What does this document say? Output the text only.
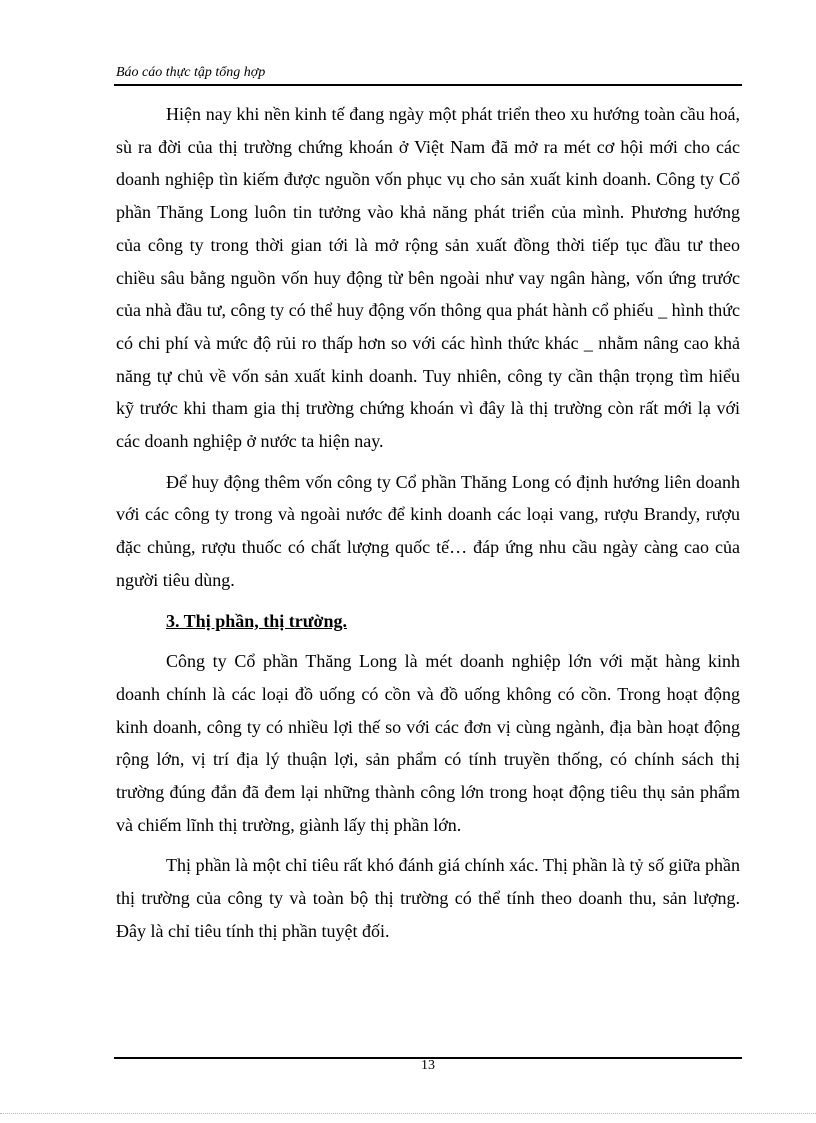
Báo cáo thực tập tổng hợp

Hiện nay khi nền kinh tế đang ngày một phát triển theo xu hướng toàn cầu hoá, sù ra đời của thị trường chứng khoán ở Việt Nam đã mở ra mét cơ hội mới cho các doanh nghiệp tìn kiếm được nguồn vốn phục vụ cho sản xuất kinh doanh. Công ty Cổ phần Thăng Long luôn tin tưởng vào khả năng phát triển của mình. Phương hướng của công ty trong thời gian tới là mở rộng sản xuất đồng thời tiếp tục đầu tư theo chiều sâu bằng nguồn vốn huy động từ bên ngoài như vay ngân hàng, vốn ứng trước của nhà đầu tư, công ty có thể huy động vốn thông qua phát hành cổ phiếu _ hình thức có chi phí và mức độ rủi ro thấp hơn so với các hình thức khác _ nhằm nâng cao khả năng tự chủ về vốn sản xuất kinh doanh. Tuy nhiên, công ty cần thận trọng tìm hiểu kỹ trước khi tham gia thị trường chứng khoán vì đây là thị trường còn rất mới lạ với các doanh nghiệp ở nước ta hiện nay.

Để huy động thêm vốn công ty Cổ phần Thăng Long có định hướng liên doanh với các công ty trong và ngoài nước để kinh doanh các loại vang, rượu Brandy, rượu đặc chủng, rượu thuốc có chất lượng quốc tế… đáp ứng nhu cầu ngày càng cao của người tiêu dùng.

3. Thị phần, thị trường.

Công ty Cổ phần Thăng Long là mét doanh nghiệp lớn với mặt hàng kinh doanh chính là các loại đồ uống có cồn và đồ uống không có cồn. Trong hoạt động kinh doanh, công ty có nhiều lợi thế so với các đơn vị cùng ngành, địa bàn hoạt động rộng lớn, vị trí địa lý thuận lợi, sản phẩm có tính truyền thống, có chính sách thị trường đúng đắn đã đem lại những thành công lớn trong hoạt động tiêu thụ sản phẩm và chiếm lĩnh thị trường, giành lấy thị phần lớn.

Thị phần là một chỉ tiêu rất khó đánh giá chính xác. Thị phần là tỷ số giữa phần thị trường của công ty và toàn bộ thị trường có thể tính theo doanh thu, sản lượng. Đây là chỉ tiêu tính thị phần tuyệt đối.

13
